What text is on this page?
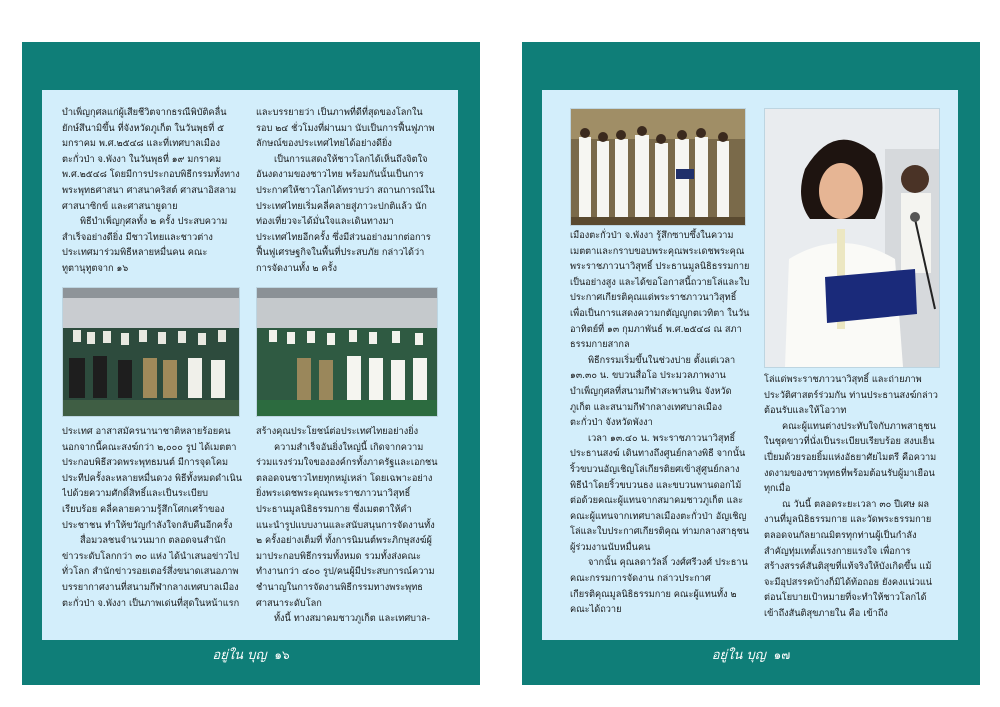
บำเพ็ญกุศลแก่ผู้เสียชีวิตจากธรณีพิบัติคลื่นยักษ์สึนามิขึ้น ที่จังหวัดภูเก็ต ในวันพุธที่ ๕ มกราคม พ.ศ.๒๕๔๘ และที่เทศบาลเมืองตะกั่วป่า จ.พังงา ในวันพุธที่ ๑๙ มกราคม พ.ศ.๒๕๔๘ โดยมีการประกอบพิธีกรรมทั้งทางพระพุทธศาสนา ศาสนาคริสต์ ศาสนาอิสลาม ศาสนาซิกข์ และศาสนายูดาย

พิธีบำเพ็ญกุศลทั้ง ๒ ครั้ง ประสบความสำเร็จอย่างดียิ่ง มีชาวไทยและชาวต่างประเทศมาร่วมพิธีหลายหมื่นคน คณะทูตานุทูตจาก ๑๖

และบรรยายว่า เป็นภาพที่ดีที่สุดของโลกในรอบ ๒๔ ชั่วโมงที่ผ่านมา นับเป็นการฟื้นฟูภาพลักษณ์ของประเทศไทยได้อย่างดียิ่ง

เป็นการแสดงให้ชาวโลกได้เห็นถึงจิตใจอันงดงามของชาวไทย พร้อมกันนั้นเป็นการประกาศให้ชาวโลกได้ทราบว่า สถานการณ์ในประเทศไทยเริ่มคลี่คลายสู่ภาวะปกติแล้ว นักท่องเที่ยวจะได้มั่นใจและเดินทางมาประเทศไทยอีกครั้ง ซึ่งมีส่วนอย่างมากต่อการฟื้นฟูเศรษฐกิจในพื้นที่ประสบภัย กล่าวได้ว่า การจัดงานทั้ง ๒ ครั้ง

ประเทศ อาสาสมัครนานาชาติหลายร้อยคน นอกจากนี้คณะสงฆ์กว่า ๒,๐๐๐ รูป ได้เมตตาประกอบพิธีสวดพระพุทธมนต์ มีการจุดโคมประทีปครั้งละหลายหมื่นดวง พิธีทั้งหมดดำเนินไปด้วยความศักดิ์สิทธิ์และเป็นระเบียบเรียบร้อย คลี่คลายความรู้สึกโศกเศร้าของประชาชน ทำให้ขวัญกำลังใจกลับคืนอีกครั้ง

สื่อมวลชนจำนวนมาก ตลอดจนสำนักข่าวระดับโลกกว่า ๓๐ แห่ง ได้นำเสนอข่าวไปทั่วโลก สำนักข่าวรอยเตอร์สึ่งขนาดเสนอภาพบรรยากาศงานที่สนามกีฬากลางเทศบาลเมืองตะกั่วป่า จ.พังงา เป็นภาพเด่นที่สุดในหน้าแรก

สร้างคุณประโยชน์ต่อประเทศไทยอย่างยิ่ง

ความสำเร็จอันยิ่งใหญ่นี้ เกิดจากความร่วมแรงร่วมใจขององค์กรทั้งภาครัฐและเอกชน ตลอดจนชาวไทยทุกหมู่เหล่า โดยเฉพาะอย่างยิ่งพระเดชพระคุณพระราชภาวนาวิสุทธิ์ ประธานมูลนิธิธรรมกาย ซึ่งเมตตาให้คำแนะนำรูปแบบงานและสนับสนุนการจัดงานทั้ง ๒ ครั้งอย่างเต็มที่ ทั้งการนิมนต์พระภิกษุสงฆ์ผู้มาประกอบพิธีกรรมทั้งหมด รวมทั้งส่งคณะทำงานกว่า ๔๐๐ รูป/คนผู้มีประสบการณ์ความชำนาญในการจัดงานพิธีกรรมทางพระพุทธศาสนาระดับโลก

ทั้งนี้ ทางสมาคมชาวภูเก็ต และเทศบาล-

อยู่ใน บุญ ๑๖

เมืองตะกั่วป่า จ.พังงา รู้สึกซาบซึ้งในความเมตตาและกราบขอบพระคุณพระเดชพระคุณพระราชภาวนาวิสุทธิ์ ประธานมูลนิธิธรรมกายเป็นอย่างสูง และได้ขอโอกาสนี้ถวายโล่และใบประกาศเกียรติคุณแด่พระราชภาวนาวิสุทธิ์ เพื่อเป็นการแสดงความกตัญญูกตเวทิตา ในวันอาทิตย์ที่ ๑๓ กุมภาพันธ์ พ.ศ.๒๕๔๘ ณ สภาธรรมกายสากล

พิธีกรรมเริ่มขึ้นในช่วงบ่าย ตั้งแต่เวลา ๑๓.๓๐ น. ขบวนสื่อโอ ประมวลภาพงานบำเพ็ญกุศลที่สนามกีฬาสะพานหิน จังหวัดภูเก็ต และสนามกีฬากลางเทศบาลเมืองตะกั่วป่า จังหวัดพังงา

เวลา ๑๓.๔๐ น. พระราชภาวนาวิสุทธิ์ประธานสงฆ์ เดินทางถึงศูนย์กลางพิธี จากนั้นริ้วขบวนอัญเชิญโล่เกียรติยศเข้าสู่ศูนย์กลางพิธีนำโดยริ้วขบวนธง และขบวนพานดอกไม้ ต่อด้วยคณะผู้แทนจากสมาคมชาวภูเก็ต และคณะผู้แทนจากเทศบาลเมืองตะกั่วป่า อัญเชิญโล่และใบประกาศเกียรติคุณ ท่ามกลางสาธุชนผู้ร่วมงานนับหมื่นคน

จากนั้น คุณลดาวัลลิ์ วงศ์ศรีวงศ์ ประธานคณะกรรมการจัดงาน กล่าวประกาศเกียรติคุณมูลนิธิธรรมกาย คณะผู้แทนทั้ง ๒ คณะได้ถวาย

โล่แด่พระราชภาวนาวิสุทธิ์ และถ่ายภาพประวัติศาสตร์ร่วมกัน ท่านประธานสงฆ์กล่าวต้อนรับและให้โอวาท

คณะผู้แทนต่างประทับใจกับภาพสาธุชนในชุดขาวที่นั่งเป็นระเบียบเรียบร้อย สงบเย็น เปี่ยมด้วยรอยยิ้มแห่งอัธยาศัยไมตรี คือความงดงามของชาวพุทธที่พร้อมต้อนรับผู้มาเยือนทุกเมื่อ

ณ วันนี้ ตลอดระยะเวลา ๓๐ ปีเศษ ผลงานที่มูลนิธิธรรมกาย และวัดพระธรรมกายตลอดจนกัลยาณมิตรทุกท่านผู้เป็นกำลังสำคัญทุ่มเทตั้งแรงกายแรงใจ เพื่อการสร้างสรรค์สันติสุขที่แท้จริงให้บังเกิดขึ้น แม้จะมีอุปสรรคบ้างก็มิได้ท้อถอย ยังคงแน่วแน่ต่อนโยบายเป้าหมายที่จะทำให้ชาวโลกได้เข้าถึงสันติสุขภายใน คือ เข้าถึง

อยู่ใน บุญ ๑๗
